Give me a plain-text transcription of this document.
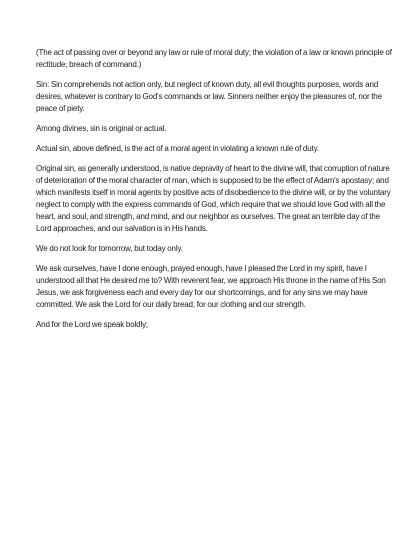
(The act of passing over or beyond any law or rule of moral duty; the violation of a law or known principle of rectitude; breach of command.)

Sin: Sin comprehends not action only, but neglect of known duty, all evil thoughts purposes, words and desires, whatever is contrary to God's commands or law. Sinners neither enjoy the pleasures of, nor the peace of piety.

Among divines, sin is original or actual.

Actual sin, above defined, is the act of a moral agent in violating a known rule of duty.

Original sin, as generally understood, is native depravity of heart to the divine will, that corruption of nature of deterioration of the moral character of man, which is supposed to be the effect of Adam's apostasy; and which manifests itself in moral agents by positive acts of disobedience to the divine will, or by the voluntary neglect to comply with the express commands of God, which require that we should love God with all the heart, and soul, and strength, and mind, and our neighbor as ourselves. The great an terrible day of the Lord approaches, and our salvation is in His hands.

We do not look for tomorrow, but today only.

We ask ourselves, have I done enough, prayed enough, have I pleased the Lord in my spirit, have I understood all that He desired me to? With reverent fear, we approach His throne in the name of His Son Jesus, we ask forgiveness each and every day for our shortcomings, and for any sins we may have committed. We ask the Lord for our daily bread, for our clothing and our strength.

And for the Lord we speak boldly;
